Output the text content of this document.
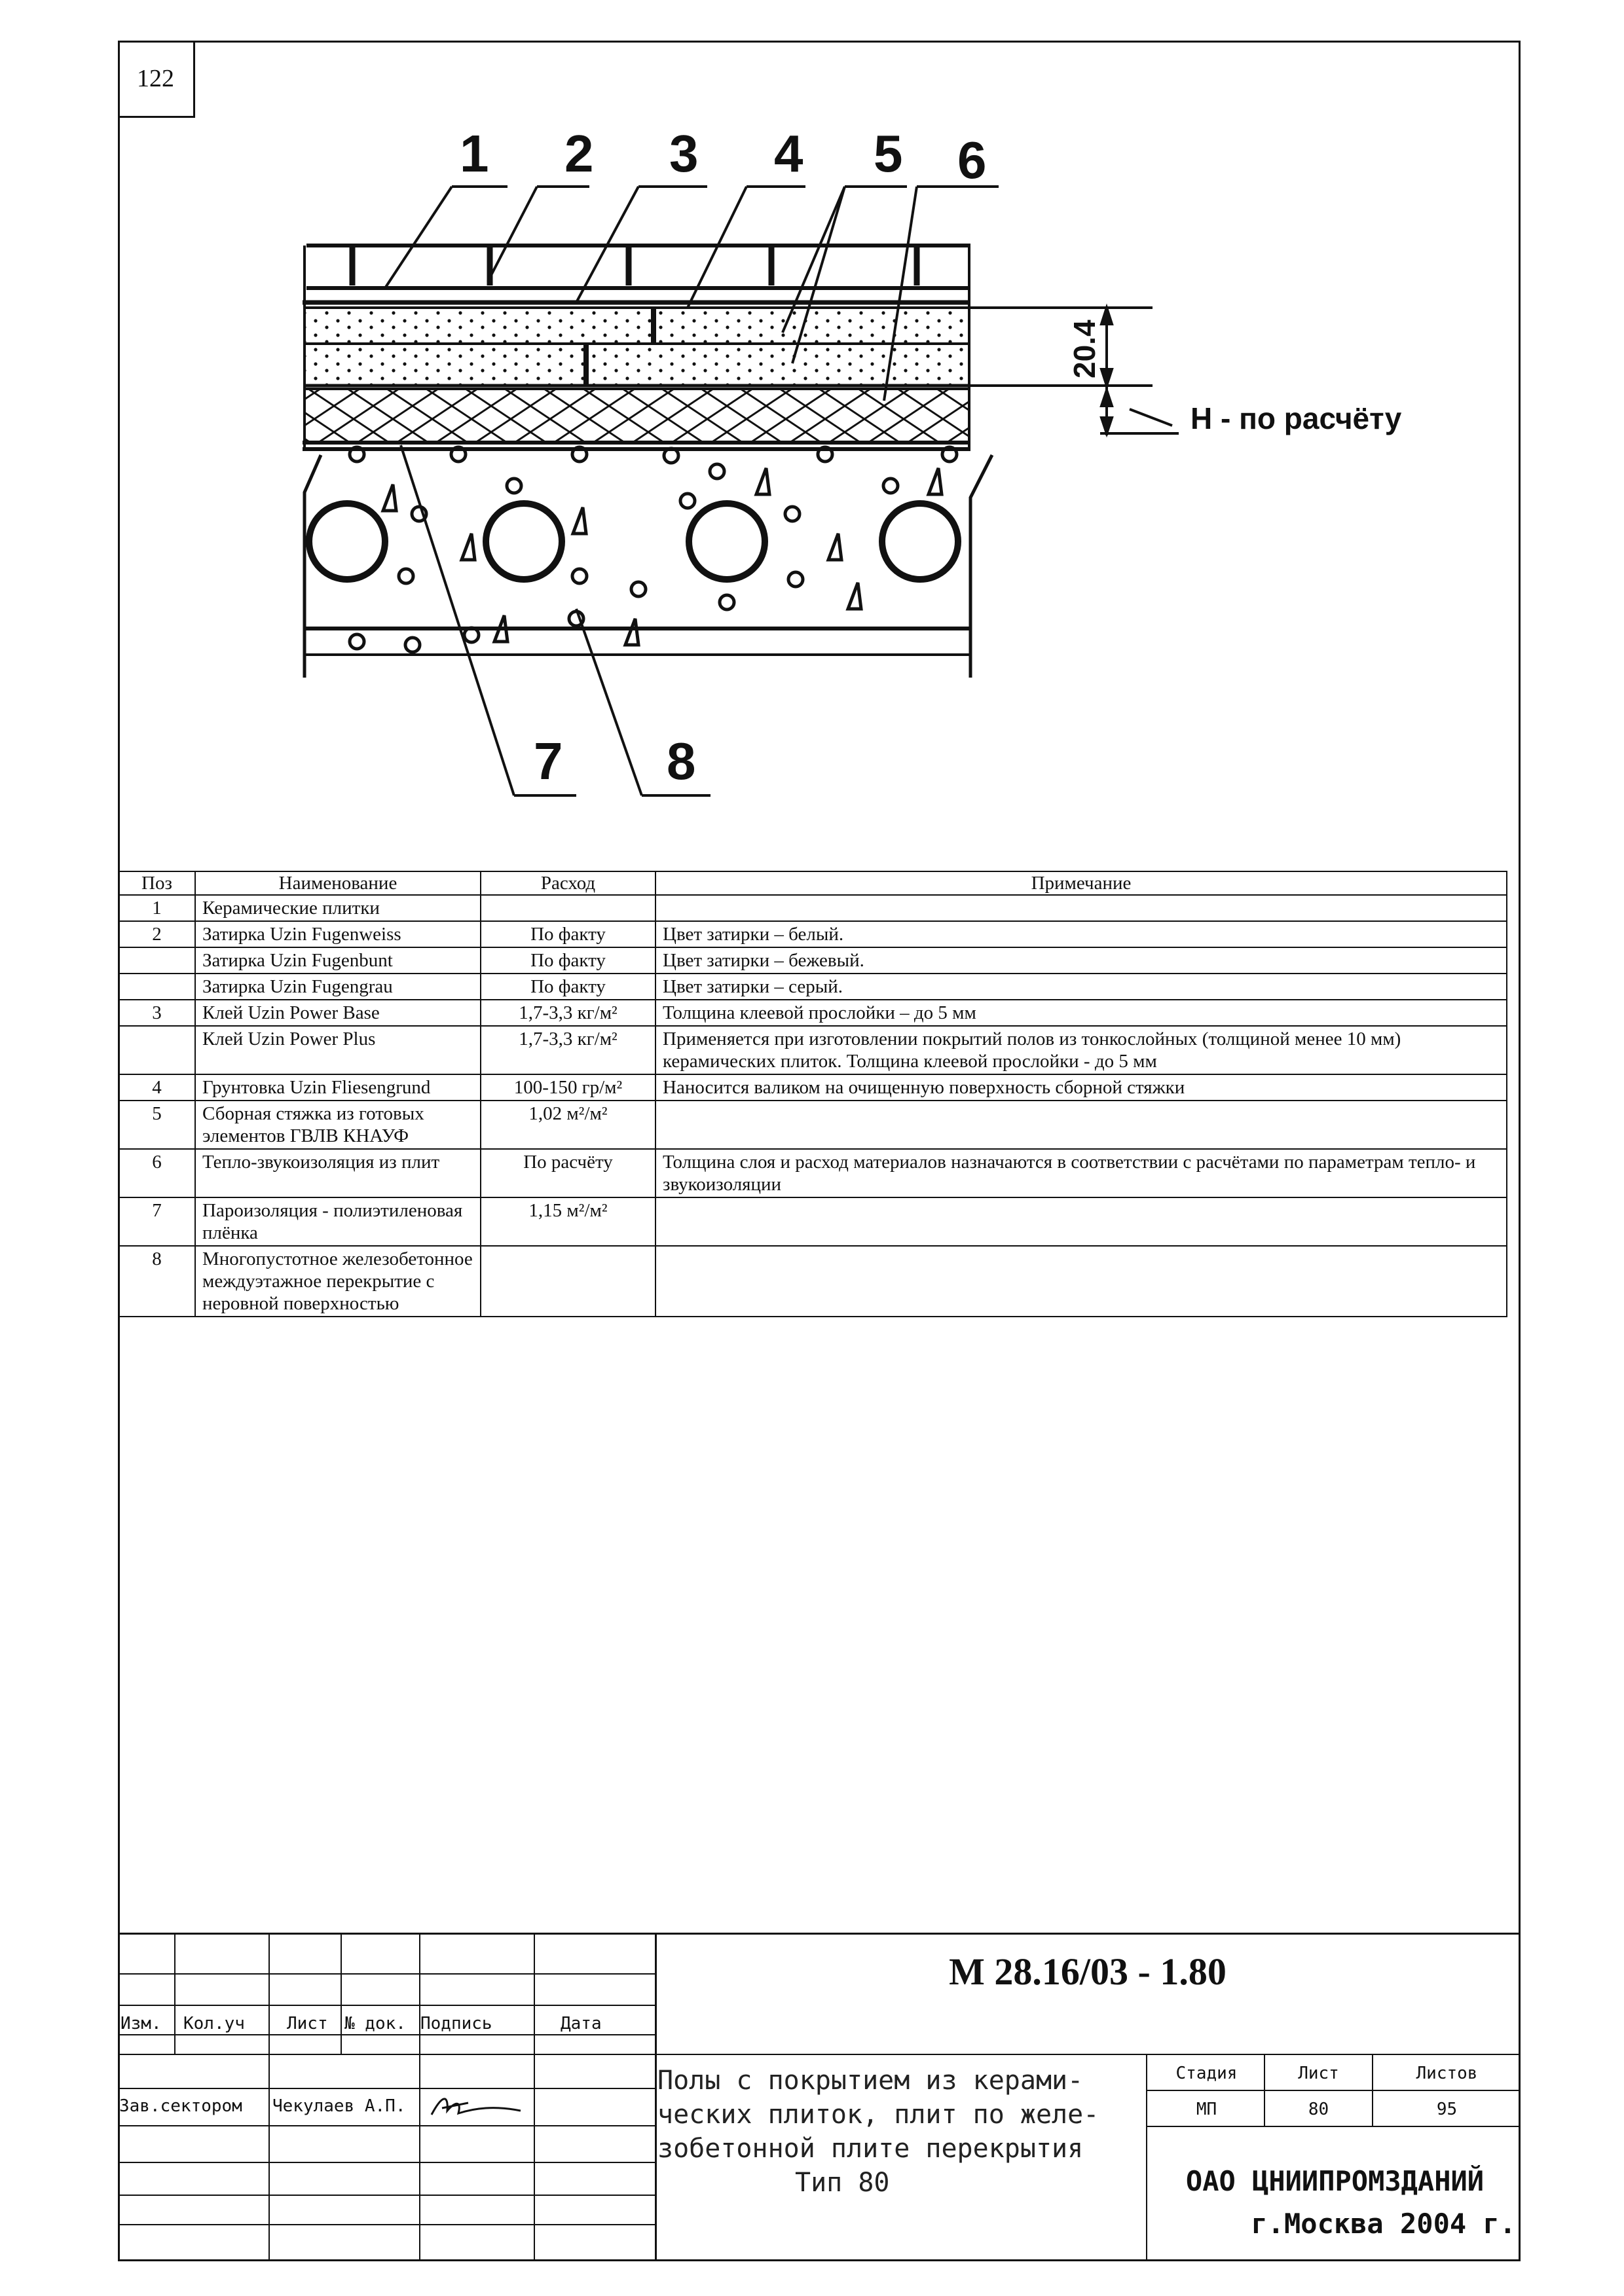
122
1 2 3 4 5 6
7 8
20.4
Н - по расчёту
Поз	Наименование	Расход	Примечание
1	Керамические плитки		
2	Затирка Uzin Fugenweiss	По факту	Цвет затирки – белый.
	Затирка Uzin Fugenbunt	По факту	Цвет затирки – бежевый.
	Затирка Uzin Fugengrau	По факту	Цвет затирки – серый.
3	Клей Uzin Power Base	1,7-3,3 кг/м²	Толщина клеевой прослойки – до 5 мм
	Клей Uzin Power Plus	1,7-3,3 кг/м²	Применяется при изготовлении покрытий полов из тонкослойных (толщиной менее 10 мм) керамических плиток. Толщина клеевой прослойки - до 5 мм
4	Грунтовка Uzin Fliesengrund	100-150 гр/м²	Наносится валиком на очищенную поверхность сборной стяжки
5	Сборная стяжка из готовых элементов ГВЛВ КНАУФ	1,02 м²/м²	
6	Тепло-звукоизоляция из плит	По расчёту	Толщина слоя и расход материалов назначаются в соответствии с расчётами по параметрам тепло- и звукоизоляции
7	Пароизоляция - полиэтиленовая плёнка	1,15 м²/м²	
8	Многопустотное железобетонное междуэтажное перекрытие с неровной поверхностью		
М 28.16/03 - 1.80
Изм. Кол.уч Лист № док. Подпись	Дата
Зав.сектором Чекулаев А.П.
Полы с покрытием из керами-
ческих плиток, плит по желе-
зобетонной плите перекрытия
Тип 80
Стадия	Лист	Листов
МП	80	95
ОАО ЦНИИПРОМЗДАНИЙ
г.Москва 2004 г.
